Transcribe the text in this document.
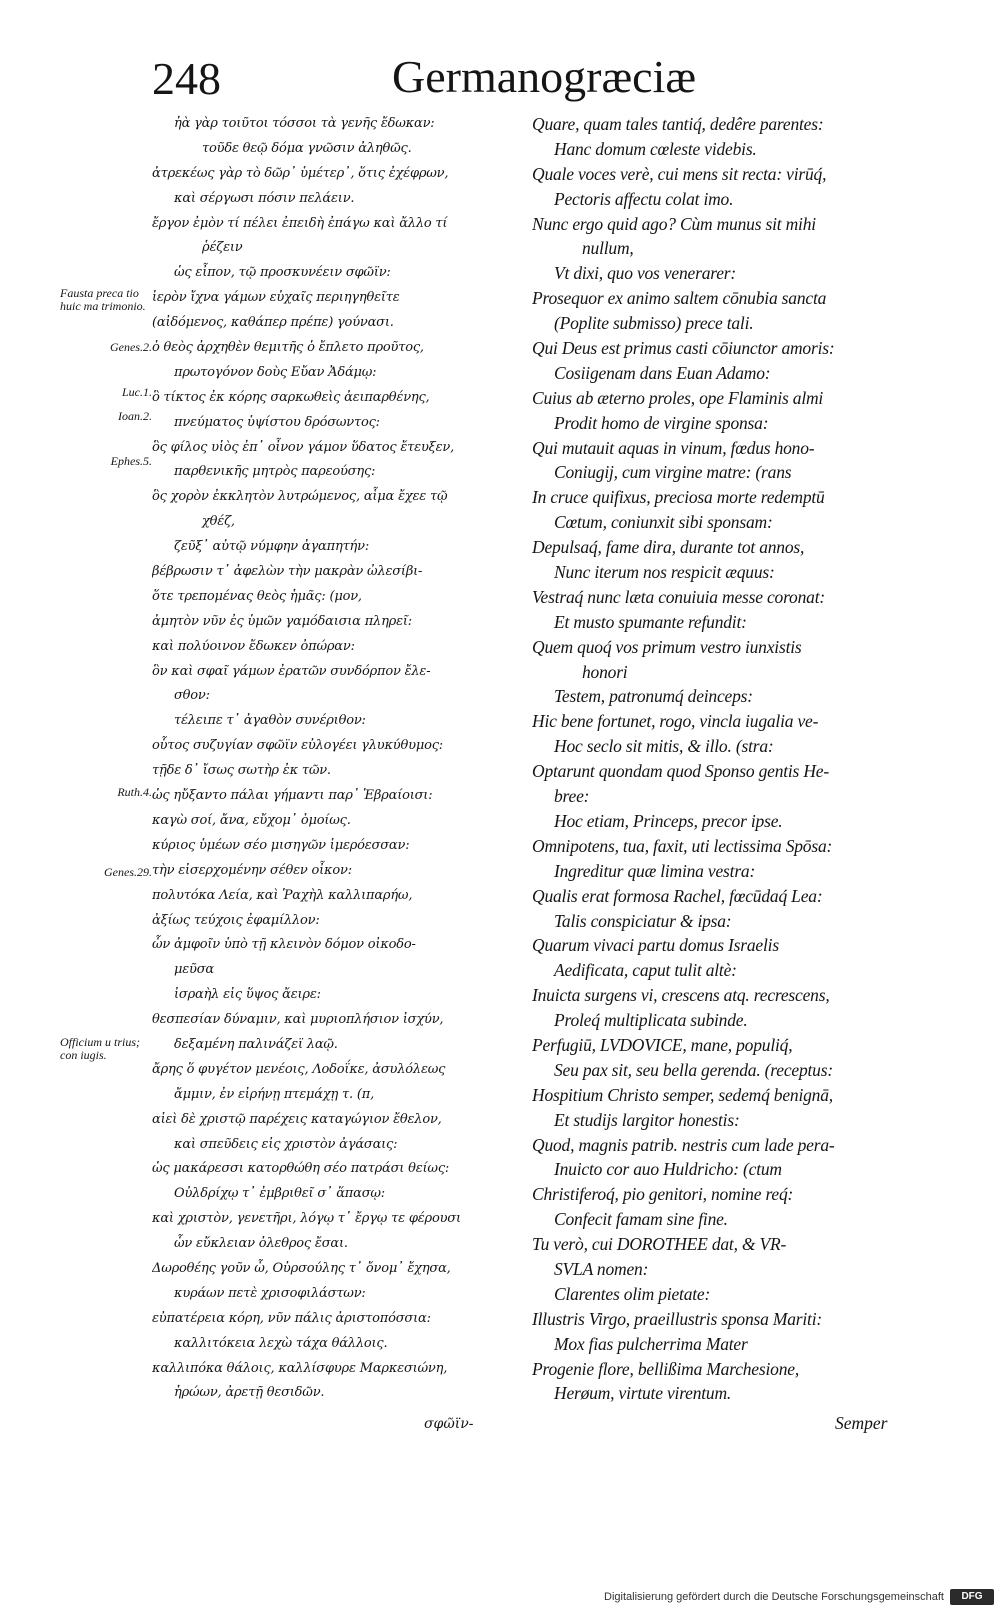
248	Germanogræciæ
Fausta preca tio huic ma trimonio.
Genes.2.
Luc.1.
Ioan.2.
Ephes.5.
Ruth.4.
Genes.29.
Officium u trius; con iugis.
ἠὰ γὰρ τοιῦτοι τόσσοι τὰ γενῆς ἔδωκαν:
τοῦδε θεῷ δόμα γνῶσιν ἀληθῶς.
ἀτρεκέως γὰρ τὸ δῶρ᾽ ὑμέτερ᾽, ὅτις ἐχέφρων,
καὶ σέργωσι πόσιν πελάειν.
ἔργον ἐμὸν τί πέλει ἐπειδὴ ἐπάγω καὶ ἄλλο τί
ῥέζειν
ὡς εἶπον, τῷ προσκυνέειν σφῶϊν:
ἱερὸν ἴχνα γάμων εὐχαῖς περιηγηθεῖτε
(αἰδόμενος, καθάπερ πρέπε) γούνασι.
ὁ θεὸς ἀρχηθὲν θεμιτῆς ὁ ἔπλετο προῦτος,
πρωτογόνον δοὺς Εὔαν Ἀδάμῳ:
ὃ τίκτος ἐκ κόρης σαρκωθεὶς ἀειπαρθένης,
πνεύματος ὑψίστου δρόσωντος:
ὃς φίλος υἱὸς ἐπ᾽ οἶνον γάμον ὕδατος ἔτευξεν,
παρθενικῆς μητρὸς παρεούσης:
ὃς χορὸν ἐκκλητὸν λυτρώμενος, αἷμα ἔχεε τῷ
χθέζ,
ζεῦξ᾽ αὐτῷ νύμφην ἀγαπητήν:
βέβρωσιν τ᾽ ἀφελὼν τὴν μακρὰν ὠλεσίβι-
ὅτε τρεπομένας θεὸς ἡμᾶς: (μον,
ἀμητὸν νῦν ἐς ὑμῶν γαμόδαισια πληρεῖ:
καὶ πολύοινον ἔδωκεν ὀπώραν:
ὃν καὶ σφαῖ γάμων ἐρατῶν συνδόρπον ἔλε-
σθον:
τέλειπε τ᾽ ἀγαθὸν συνέριθον:
οὗτος συζυγίαν σφῶϊν εὐλογέει γλυκύθυμος:
τῇδε δ᾽ ἴσως σωτὴρ ἐκ τῶν.
ὡς ηὔξαντο πάλαι γήμαντι παρ᾽ Ἐβραίοισι:
καγὼ σοί, ἄνα, εὔχομ᾽ ὁμοίως.
κύριος ὑμέων σέο μισηγῶν ἱμερόεσσαν:
τὴν εἰσερχομένην σέθεν οἶκον:
πολυτόκα Λεία, καὶ Ῥαχὴλ καλλιπαρήω,
ἀξίως τεύχοις ἐφαμίλλον:
ὧν ἀμφοῖν ὑπὸ τῇ κλεινὸν δόμον οἰκοδο-
μεῦσα
ἰσραὴλ εἰς ὕψος ἄειρε:
θεσπεσίαν δύναμιν, καὶ μυριοπλήσιον ἰσχύν,
δεξαμένη παλινάζεϊ λαῷ.
ἄρης ὅ φυγέτον μενέοις, Λοδοΐκε, ἀσυλόλεως
ἄμμιν, ἐν εἰρήνῃ πτεμάχῃ τ. (π,
αἰεὶ δὲ χριστῷ παρέχεις καταγώγιον ἔθελον,
καὶ σπεῦδεις εἰς χριστὸν ἀγάσαις:
ὡς μακάρεσσι κατορθώθη σέο πατράσι θείως:
Οὐλδρίχῳ τ᾽ ἐμβριθεῖ σ᾽ ἅπασῳ:
καὶ χριστὸν, γενετῆρι, λόγῳ τ᾽ ἔργῳ τε φέρουσι
ὧν εὔκλειαν ὀλεθρος ἔσαι.
Δωροθέης γοῦν ὧ, Οὐρσούλης τ᾽ ὄνομ᾽ ἔχησα,
κυράων πετὲ χρισοφιλάστων:
εὐπατέρεια κόρη, νῦν πάλις ἀριστοπόσσια:
καλλιτόκεια λεχὼ τάχα θάλλοις.
καλλιπόκα θάλοις, καλλίσφυρε Μαρκεσιώνη,
ἡρώων, ἀρετῇ θεσιδῶν.
Quare, quam tales tantiq́, dedêre parentes:
Hanc domum cœleste videbis.
Quale voces verè, cui mens sit recta: virūq́,
Pectoris affectu colat imo.
Nunc ergo quid ago? Cùm munus sit mihi
nullum,
Vt dixi, quo vos venerarer:
Prosequor ex animo saltem cōnubia sancta
(Poplite submisso) prece tali.
Qui Deus est primus casti cōiunctor amoris:
Cosiigenam dans Euan Adamo:
Cuius ab æterno proles, ope Flaminis almi
Prodit homo de virgine sponsa:
Qui mutauit aquas in vinum, fœdus hono-
Coniugij, cum virgine matre: (rans
In cruce quifixus, preciosa morte redemptū
Cœtum, coniunxit sibi sponsam:
Depulsaq́, fame dira, durante tot annos,
Nunc iterum nos respicit æquus:
Vestraq́ nunc læta conuiuia messe coronat:
Et musto spumante refundit:
Quem quoq́ vos primum vestro iunxistis
honori
Testem, patronumq́ deinceps:
Hic bene fortunet, rogo, vincla iugalia ve-
Hoc seclo sit mitis, & illo. (stra:
Optarunt quondam quod Sponso gentis He-
bree:
Hoc etiam, Princeps, precor ipse.
Omnipotens, tua, faxit, uti lectissima Spōsa:
Ingreditur quæ limina vestra:
Qualis erat formosa Rachel, fœcūdaq́ Lea:
Talis conspiciatur & ipsa:
Quarum vivaci partu domus Israelis
Aedificata, caput tulit altè:
Inuicta surgens vi, crescens atq. recrescens,
Proleq́ multiplicata subinde.
Perfugiū, LVDOVICE, mane, populiq́,
Seu pax sit, seu bella gerenda. (receptus:
Hospitium Christo semper, sedemq́ benignā,
Et studijs largitor honestis:
Quod, magnis patrib. nestris cum lade pera-
Inuicto cor auo Huldricho: (ctum
Christiferoq́, pio genitori, nomine req́:
Confecit famam sine fine.
Tu verò, cui DOROTHEE dat, & VR-
SVLA nomen:
Clarentes olim pietate:
Illustris Virgo, praeillustris sponsa Mariti:
Mox fias pulcherrima Mater
Progenie flore, bellißima Marchesione,
Herøum, virtute virentum.
σφῶϊν-	Semper
Digitalisierung gefördert durch die Deutsche Forschungsgemeinschaft	DFG
